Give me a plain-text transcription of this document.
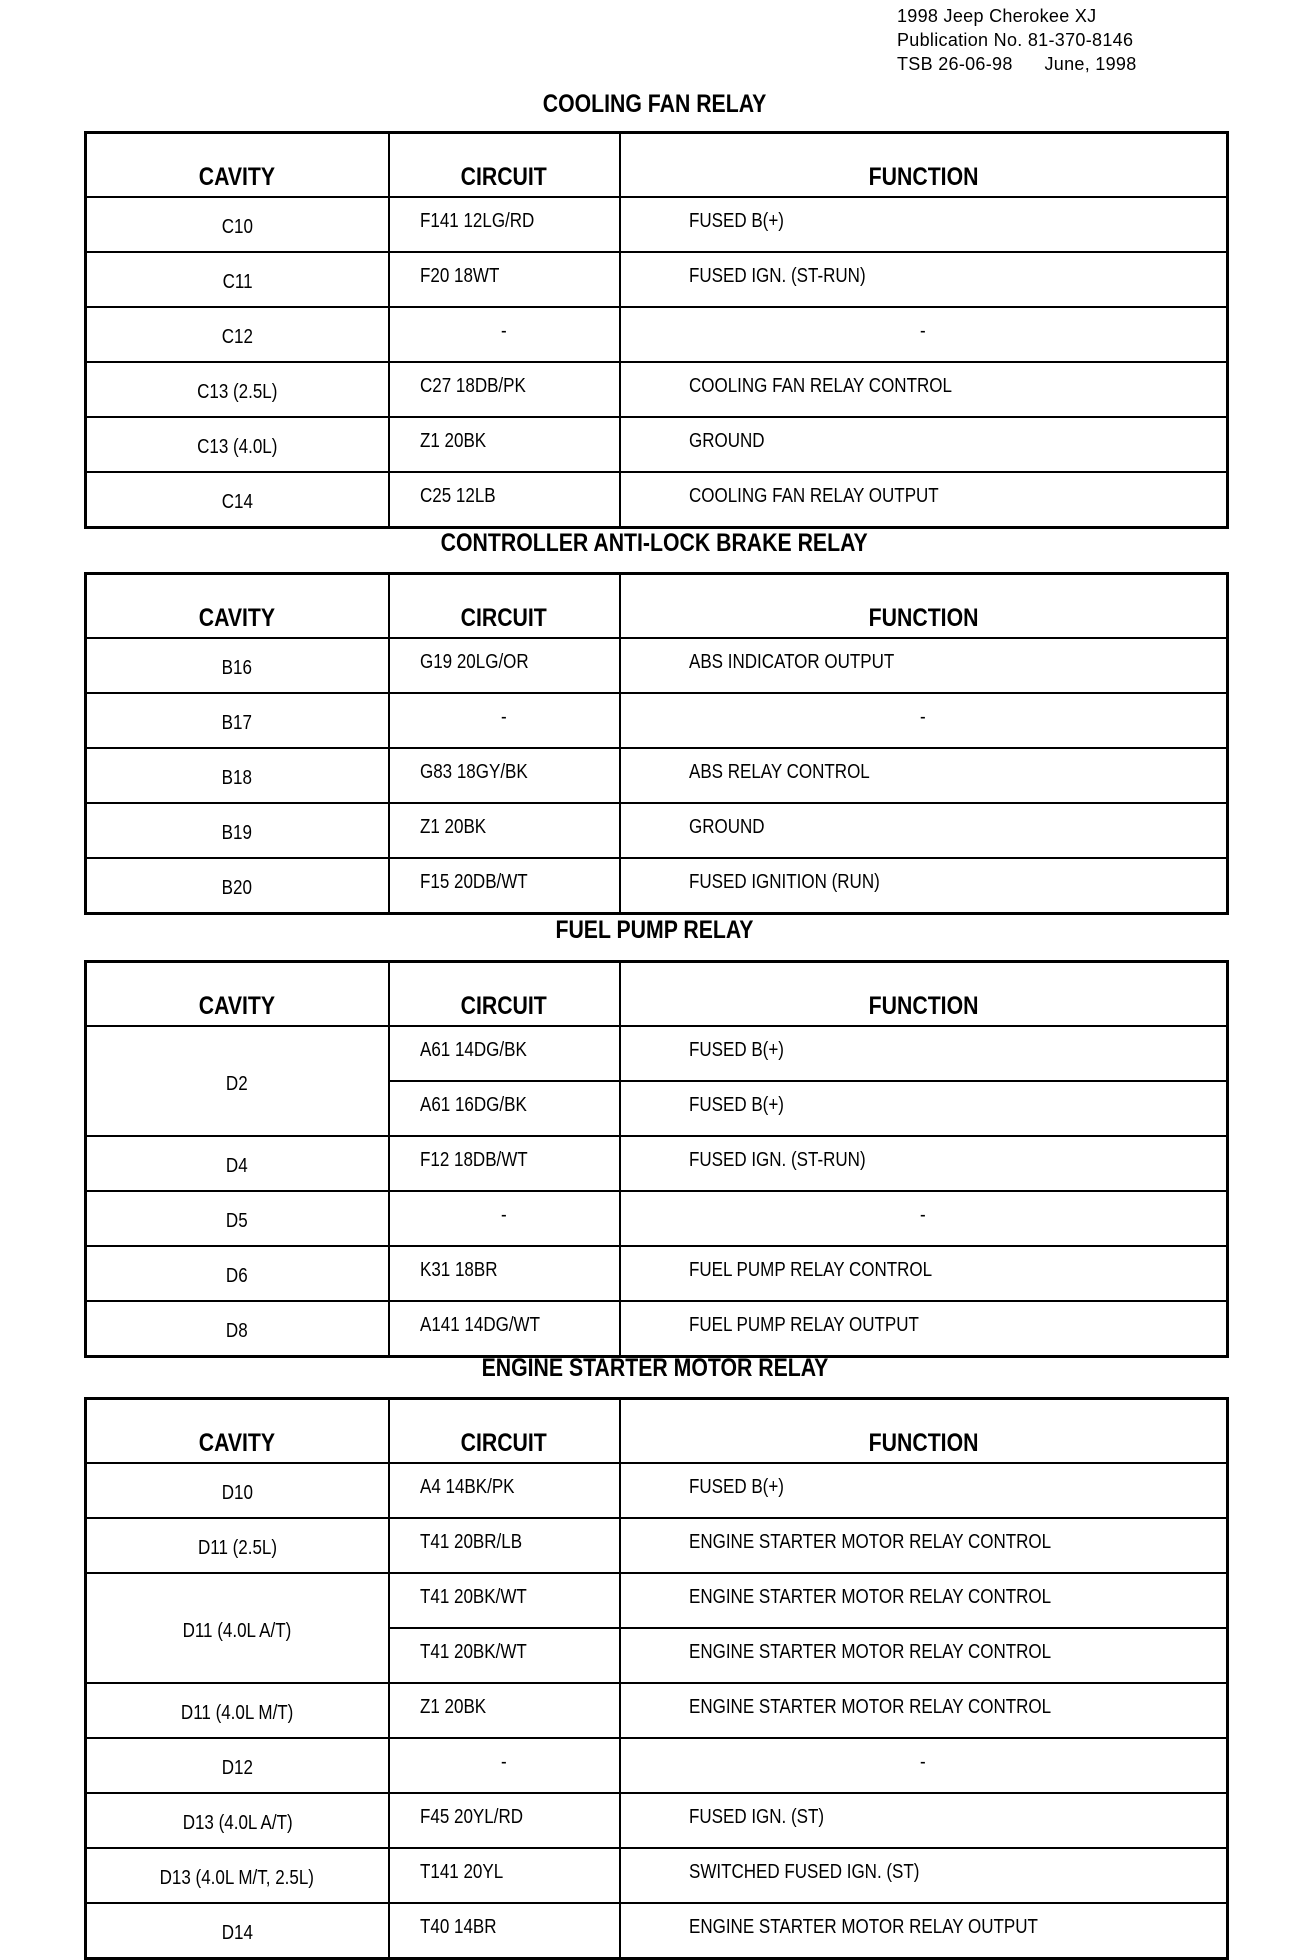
1998 Jeep Cherokee XJ
Publication No. 81-370-8146
TSB 26-06-98      June, 1998
COOLING FAN RELAY
CAVITY	CIRCUIT	FUNCTION
C10	F141 12LG/RD	FUSED B(+)
C11	F20 18WT	FUSED IGN. (ST-RUN)
C12	-	-
C13 (2.5L)	C27 18DB/PK	COOLING FAN RELAY CONTROL
C13 (4.0L)	Z1 20BK	GROUND
C14	C25 12LB	COOLING FAN RELAY OUTPUT
CONTROLLER ANTI-LOCK BRAKE RELAY
CAVITY	CIRCUIT	FUNCTION
B16	G19 20LG/OR	ABS INDICATOR OUTPUT
B17	-	-
B18	G83 18GY/BK	ABS RELAY CONTROL
B19	Z1 20BK	GROUND
B20	F15 20DB/WT	FUSED IGNITION (RUN)
FUEL PUMP RELAY
CAVITY	CIRCUIT	FUNCTION
D2	A61 14DG/BK	FUSED B(+)
	A61 16DG/BK	FUSED B(+)
D4	F12 18DB/WT	FUSED IGN. (ST-RUN)
D5	-	-
D6	K31 18BR	FUEL PUMP RELAY CONTROL
D8	A141 14DG/WT	FUEL PUMP RELAY OUTPUT
ENGINE STARTER MOTOR RELAY
CAVITY	CIRCUIT	FUNCTION
D10	A4 14BK/PK	FUSED B(+)
D11 (2.5L)	T41 20BR/LB	ENGINE STARTER MOTOR RELAY CONTROL
D11 (4.0L A/T)	T41 20BK/WT	ENGINE STARTER MOTOR RELAY CONTROL
	T41 20BK/WT	ENGINE STARTER MOTOR RELAY CONTROL
D11 (4.0L M/T)	Z1 20BK	ENGINE STARTER MOTOR RELAY CONTROL
D12	-	-
D13 (4.0L A/T)	F45 20YL/RD	FUSED IGN. (ST)
D13 (4.0L M/T, 2.5L)	T141 20YL	SWITCHED FUSED IGN. (ST)
D14	T40 14BR	ENGINE STARTER MOTOR RELAY OUTPUT
